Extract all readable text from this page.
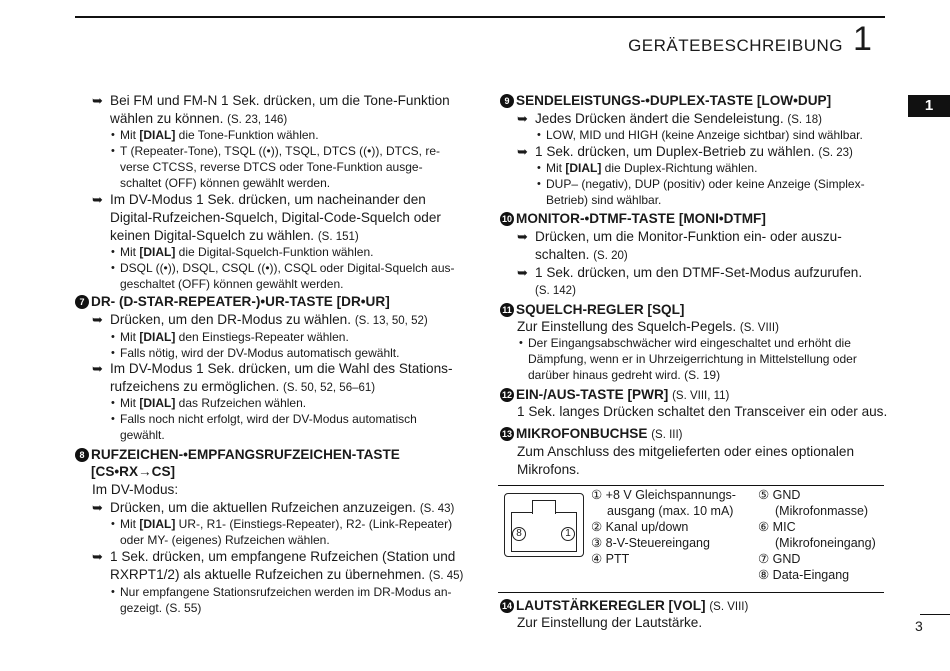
GERÄTEBESCHREIBUNG 1
1
3
➥ Bei FM und FM-N 1 Sek. drücken, um die Tone-Funktion
wählen zu können. (S. 23, 146)
• Mit [DIAL] die Tone-Funktion wählen.
• T (Repeater-Tone), TSQL ((•)), TSQL, DTCS ((•)), DTCS, re-
verse CTCSS, reverse DTCS oder Tone-Funktion ausge-
schaltet (OFF) können gewählt werden.
➥ Im DV-Modus 1 Sek. drücken, um nacheinander den
Digital-Rufzeichen-Squelch, Digital-Code-Squelch oder
keinen Digital-Squelch zu wählen. (S. 151)
• Mit [DIAL] die Digital-Squelch-Funktion wählen.
• DSQL ((•)), DSQL, CSQL ((•)), CSQL oder Digital-Squelch aus-
geschaltet (OFF) können gewählt werden.
7 DR- (D-STAR-REPEATER-)•UR-TASTE [DR•UR]
➥ Drücken, um den DR-Modus zu wählen. (S. 13, 50, 52)
• Mit [DIAL] den Einstiegs-Repeater wählen.
• Falls nötig, wird der DV-Modus automatisch gewählt.
➥ Im DV-Modus 1 Sek. drücken, um die Wahl des Stations-
rufzeichens zu ermöglichen. (S. 50, 52, 56–61)
• Mit [DIAL] das Rufzeichen wählen.
• Falls noch nicht erfolgt, wird der DV-Modus automatisch
gewählt.
8 RUFZEICHEN-•EMPFANGSRUFZEICHEN-TASTE
[CS•RX→CS]
Im DV-Modus:
➥ Drücken, um die aktuellen Rufzeichen anzuzeigen. (S. 43)
• Mit [DIAL] UR-, R1- (Einstiegs-Repeater), R2- (Link-Repeater)
oder MY- (eigenes) Rufzeichen wählen.
➥ 1 Sek. drücken, um empfangene Rufzeichen (Station und
RXRPT1/2) als aktuelle Rufzeichen zu übernehmen. (S. 45)
• Nur empfangene Stationsrufzeichen werden im DR-Modus an-
gezeigt. (S. 55)
9 SENDELEISTUNGS-•DUPLEX-TASTE [LOW•DUP]
➥ Jedes Drücken ändert die Sendeleistung. (S. 18)
• LOW, MID und HIGH (keine Anzeige sichtbar) sind wählbar.
➥ 1 Sek. drücken, um Duplex-Betrieb zu wählen. (S. 23)
• Mit [DIAL] die Duplex-Richtung wählen.
• DUP– (negativ), DUP (positiv) oder keine Anzeige (Simplex-
Betrieb) sind wählbar.
10 MONITOR-•DTMF-TASTE [MONI•DTMF]
➥ Drücken, um die Monitor-Funktion ein- oder auszu-
schalten. (S. 20)
➥ 1 Sek. drücken, um den DTMF-Set-Modus aufzurufen.
(S. 142)
11 SQUELCH-REGLER [SQL]
Zur Einstellung des Squelch-Pegels. (S. VIII)
• Der Eingangsabschwächer wird eingeschaltet und erhöht die
Dämpfung, wenn er in Uhrzeigerrichtung in Mittelstellung oder
darüber hinaus gedreht wird. (S. 19)
12 EIN-/AUS-TASTE [PWR] (S. VIII, 11)
1 Sek. langes Drücken schaltet den Transceiver ein oder aus.
13 MIKROFONBUCHSE (S. III)
Zum Anschluss des mitgelieferten oder eines optionalen
Mikrofons.
8	1
① +8 V Gleichspannungs-
ausgang (max. 10 mA)
② Kanal up/down
③ 8-V-Steuereingang
④ PTT
⑤ GND
(Mikrofonmasse)
⑥ MIC
(Mikrofoneingang)
⑦ GND
⑧ Data-Eingang
14 LAUTSTÄRKEREGLER [VOL] (S. VIII)
Zur Einstellung der Lautstärke.
